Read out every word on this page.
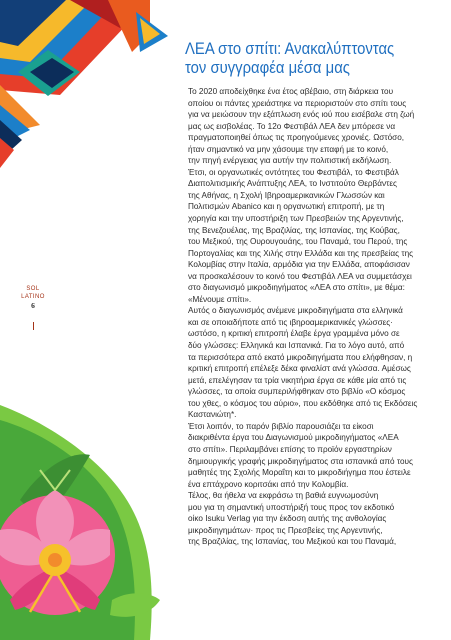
ΛΕΑ στο σπίτι: Ανακαλύπτοντας
τον συγγραφέα μέσα μας
SOL
LATINO
6
Το 2020 αποδείχθηκε ένα έτος αβέβαιο, στη διάρκεια του
οποίου οι πάντες χρειάστηκε να περιοριστούν στο σπίτι τους
για να μειώσουν την εξάπλωση ενός ιού που εισέβαλε στη ζωή
μας ως εισβολέας. Το 12ο Φεστιβάλ ΛΕΑ δεν μπόρεσε να
πραγματοποιηθεί όπως τις προηγούμενες χρονιές. Ωστόσο,
ήταν σημαντικό να μην χάσουμε την επαφή με το κοινό,
την πηγή ενέργειας για αυτήν την πολιτιστική εκδήλωση.
Έτσι, οι οργανωτικές οντότητες του Φεστιβάλ, το Φεστιβάλ
Διαπολιτισμικής Ανάπτυξης ΛΕΑ, το Ινστιτούτο Θερβάντες
της Αθήνας, η Σχολή Ιβηροαμερικανικών Γλωσσών και
Πολιτισμών Abanico και η οργανωτική επιτροπή, με τη
χορηγία και την υποστήριξη των Πρεσβειών της Αργεντινής,
της Βενεζουέλας, της Βραζιλίας, της Ισπανίας, της Κούβας,
του Μεξικού, της Ουρουγουάης, του Παναμά, του Περού, της
Πορτογαλίας και της Χιλής στην Ελλάδα και της πρεσβείας της
Κολομβίας στην Ιταλία, αρμόδια για την Ελλάδα, αποφάσισαν
να προσκαλέσουν το κοινό του Φεστιβάλ ΛΕΑ να συμμετάσχει
στο διαγωνισμό μικροδιηγήματος «ΛΕΑ στο σπίτι», με θέμα:
«Μένουμε σπίτι».
Αυτός ο διαγωνισμός ανέμενε μικροδιηγήματα στα ελληνικά
και σε οποιαδήποτε από τις ιβηροαμερικανικές γλώσσες·
ωστόσο, η κριτική επιτροπή έλαβε έργα γραμμένα μόνο σε
δύο γλώσσες: Ελληνικά και Ισπανικά. Για το λόγο αυτό, από
τα περισσότερα από εκατό μικροδιηγήματα που ελήφθησαν, η
κριτική επιτροπή επέλεξε δέκα φιναλίστ ανά γλώσσα. Αμέσως
μετά, επελέγησαν τα τρία νικητήρια έργα σε κάθε μία από τις
γλώσσες, τα οποία συμπεριλήφθηκαν στο βιβλίο «Ο κόσμος
του χθες, ο κόσμος του αύριο», που εκδόθηκε από τις Εκδόσεις
Καστανιώτη*.
Έτσι λοιπόν, το παρόν βιβλίο παρουσιάζει τα είκοσι
διακριθέντα έργα του Διαγωνισμού μικροδιηγήματος «ΛΕΑ
στο σπίτι». Περιλαμβάνει επίσης το προϊόν εργαστηρίων
δημιουργικής γραφής μικροδιηγήματος στα ισπανικά από τους
μαθητές της Σχολής Μοραΐτη και το μικροδιήγημα που έστειλε
ένα επτάχρονο κοριτσάκι από την Κολομβία.
Τέλος, θα ήθελα να εκφράσω τη βαθιά ευγνωμοσύνη
μου για τη σημαντική υποστήριξή τους προς τον εκδοτικό
οίκο Isuku Verlag για την έκδοση αυτής της ανθολογίας
μικροδιηγημάτων· προς τις Πρεσβείες της Αργεντινής,
της Βραζιλίας, της Ισπανίας, του Μεξικού και του Παναμά,
